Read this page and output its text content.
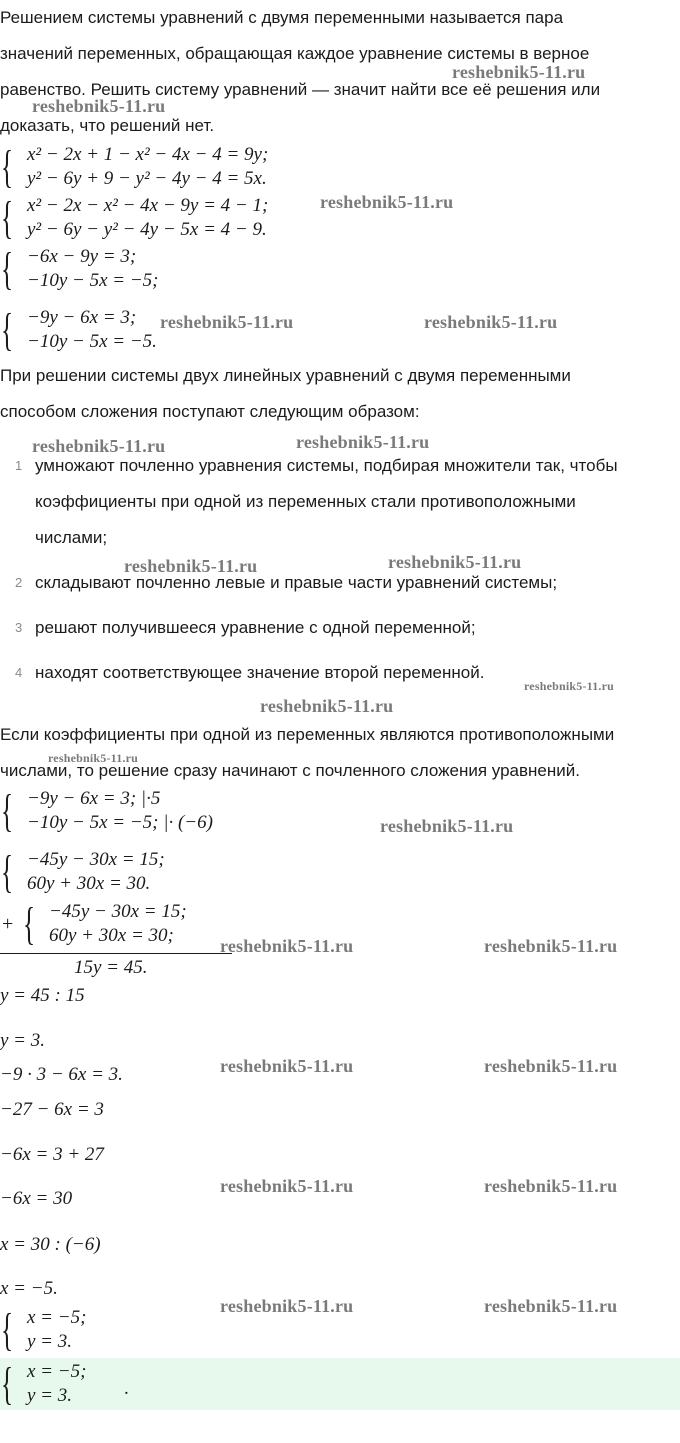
Решением системы уравнений с двумя переменными называется пара

значений переменных, обращающая каждое уравнение системы в верное

равенство. Решить систему уравнений — значит найти все её решения или

доказать, что решений нет.

{ x² − 2x + 1 − x² − 4x − 4 = 9y;
y² − 6y + 9 − y² − 4y − 4 = 5x.
{ x² − 2x − x² − 4x − 9y = 4 − 1;
y² − 6y − y² − 4y − 5x = 4 − 9.
{ −6x − 9y = 3;
−10y − 5x = −5;
{ −9y − 6x = 3;
−10y − 5x = −5.

При решении системы двух линейных уравнений с двумя переменными

способом сложения поступают следующим образом:

1 умножают почленно уравнения системы, подбирая множители так, чтобы
коэффициенты при одной из переменных стали противоположными
числами;
2 складывают почленно левые и правые части уравнений системы;
3 решают получившееся уравнение с одной переменной;
4 находят соответствующее значение второй переменной.

Если коэффициенты при одной из переменных являются противоположными

числами, то решение сразу начинают с почленного сложения уравнений.

{ −9y − 6x = 3; |·5
−10y − 5x = −5; |· (−6)
{ −45y − 30x = 15;
60y + 30x = 30.
+ { −45y − 30x = 15;
60y + 30x = 30;
15y = 45.
y = 45 : 15
y = 3.
−9 · 3 − 6x = 3.
−27 − 6x = 3
−6x = 3 + 27
−6x = 30
x = 30 : (−6)
x = −5.
{ x = −5;
y = 3.
{ x = −5;
y = 3.	.
reshebnik5-11.ru
reshebnik5-11.ru
reshebnik5-11.ru
reshebnik5-11.ru	reshebnik5-11.ru
reshebnik5-11.ru	reshebnik5-11.ru
reshebnik5-11.ru	reshebnik5-11.ru
reshebnik5-11.ru
reshebnik5-11.ru
reshebnik5-11.ru
reshebnik5-11.ru
reshebnik5-11.ru	reshebnik5-11.ru
reshebnik5-11.ru	reshebnik5-11.ru
reshebnik5-11.ru	reshebnik5-11.ru
reshebnik5-11.ru	reshebnik5-11.ru
